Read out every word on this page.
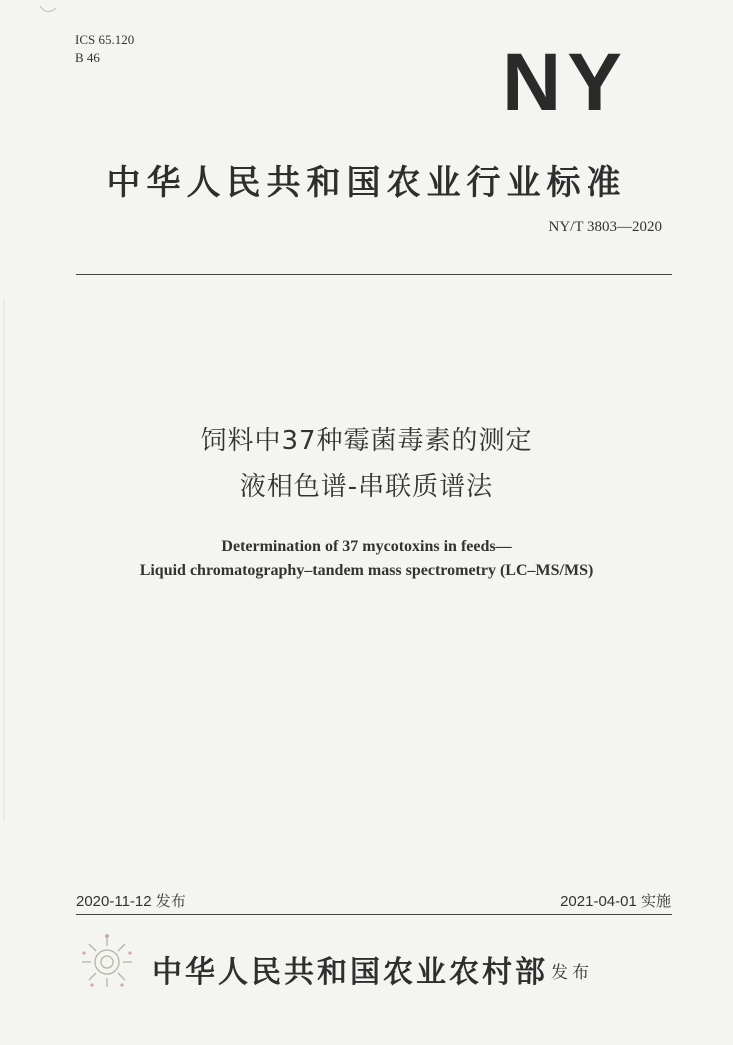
ICS 65.120
B 46	NY
中华人民共和国农业行业标准
NY/T 3803—2020
饲料中37种霉菌毒素的测定
液相色谱-串联质谱法
Determination of 37 mycotoxins in feeds—
Liquid chromatography–tandem mass spectrometry (LC–MS/MS)
2020-11-12 发布	2021-04-01 实施
中华人民共和国农业农村部 发布
